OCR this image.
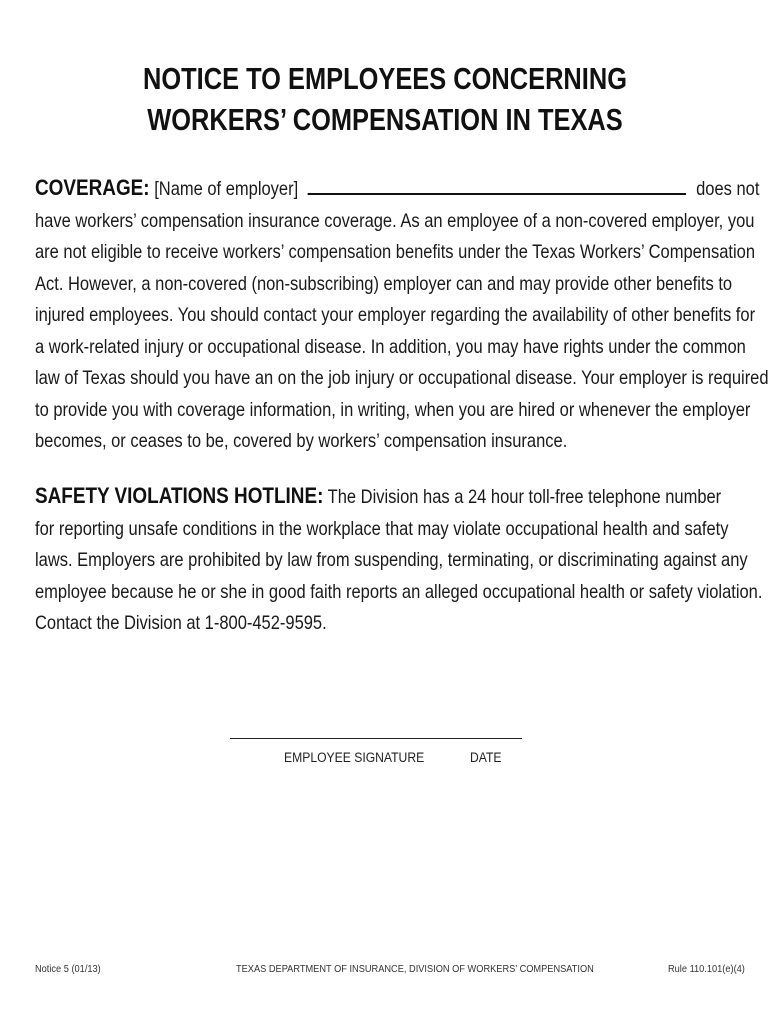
NOTICE TO EMPLOYEES CONCERNING
WORKERS’ COMPENSATION IN TEXAS
COVERAGE: [Name of employer]	does not
have workers’ compensation insurance coverage. As an employee of a non-covered employer, you
are not eligible to receive workers’ compensation benefits under the Texas Workers’ Compensation
Act. However, a non-covered (non-subscribing) employer can and may provide other benefits to
injured employees. You should contact your employer regarding the availability of other benefits for
a work-related injury or occupational disease. In addition, you may have rights under the common
law of Texas should you have an on the job injury or occupational disease. Your employer is required
to provide you with coverage information, in writing, when you are hired or whenever the employer
becomes, or ceases to be, covered by workers’ compensation insurance.
SAFETY VIOLATIONS HOTLINE: The Division has a 24 hour toll-free telephone number
for reporting unsafe conditions in the workplace that may violate occupational health and safety
laws. Employers are prohibited by law from suspending, terminating, or discriminating against any
employee because he or she in good faith reports an alleged occupational health or safety violation.
Contact the Division at 1-800-452-9595.
EMPLOYEE SIGNATURE	DATE
Notice 5 (01/13)	TEXAS DEPARTMENT OF INSURANCE, DIVISION OF WORKERS’ COMPENSATION	Rule 110.101(e)(4)
